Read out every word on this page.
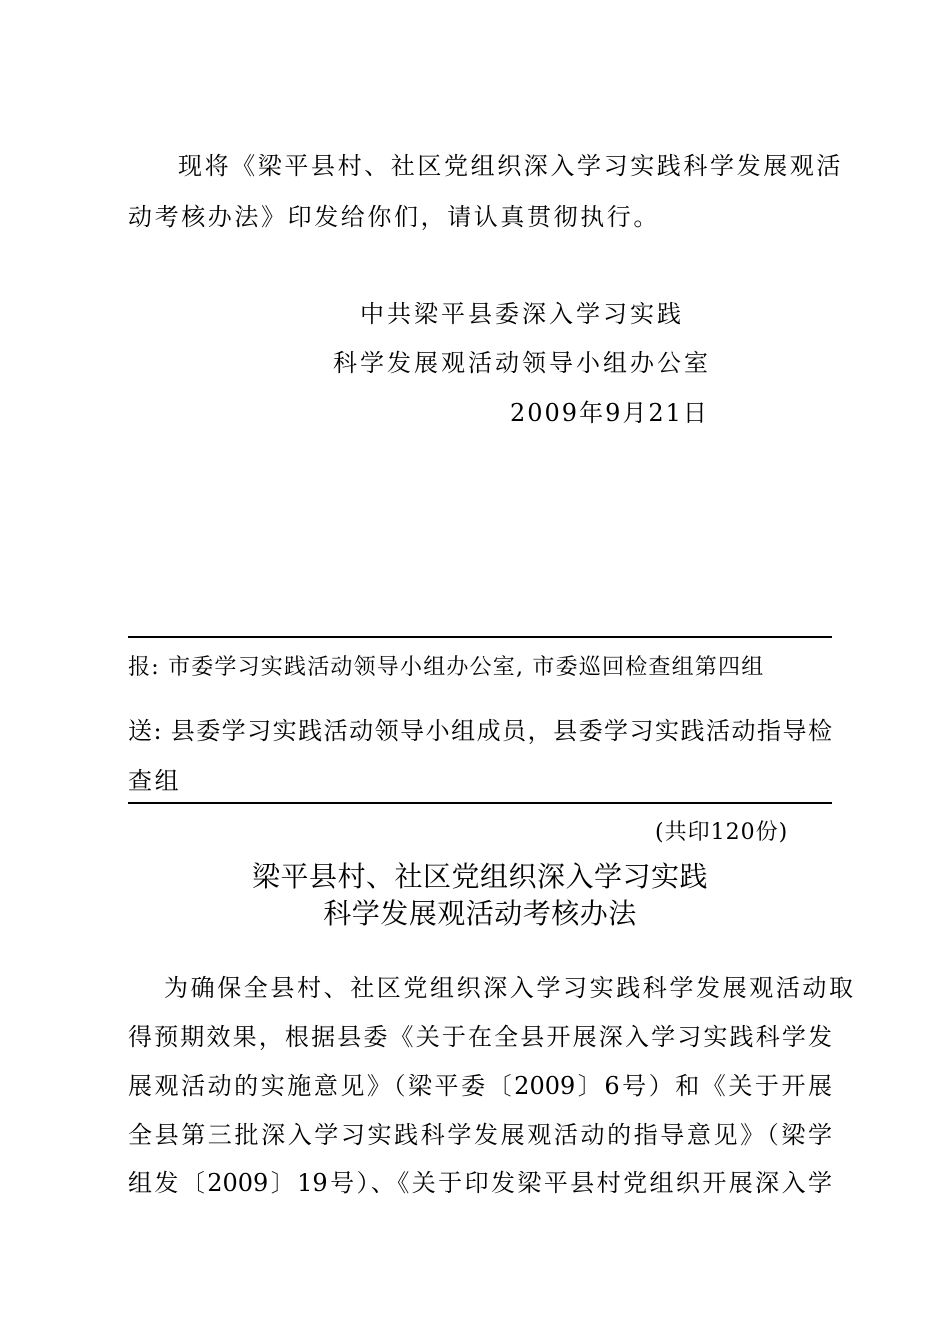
现将《梁平县村、社区党组织深入学习实践科学发展观活
动考核办法》印发给你们，请认真贯彻执行。
中共梁平县委深入学习实践
科学发展观活动领导小组办公室
2009年9月21日
报: 市委学习实践活动领导小组办公室, 市委巡回检查组第四组
送: 县委学习实践活动领导小组成员，县委学习实践活动指导检
查组
(共印120份)
梁平县村、社区党组织深入学习实践
科学发展观活动考核办法
为确保全县村、社区党组织深入学习实践科学发展观活动取
得预期效果，根据县委《关于在全县开展深入学习实践科学发
展观活动的实施意见》（梁平委〔2009〕6号）和《关于开展
全县第三批深入学习实践科学发展观活动的指导意见》（梁学
组发〔2009〕19号）、《关于印发梁平县村党组织开展深入学
